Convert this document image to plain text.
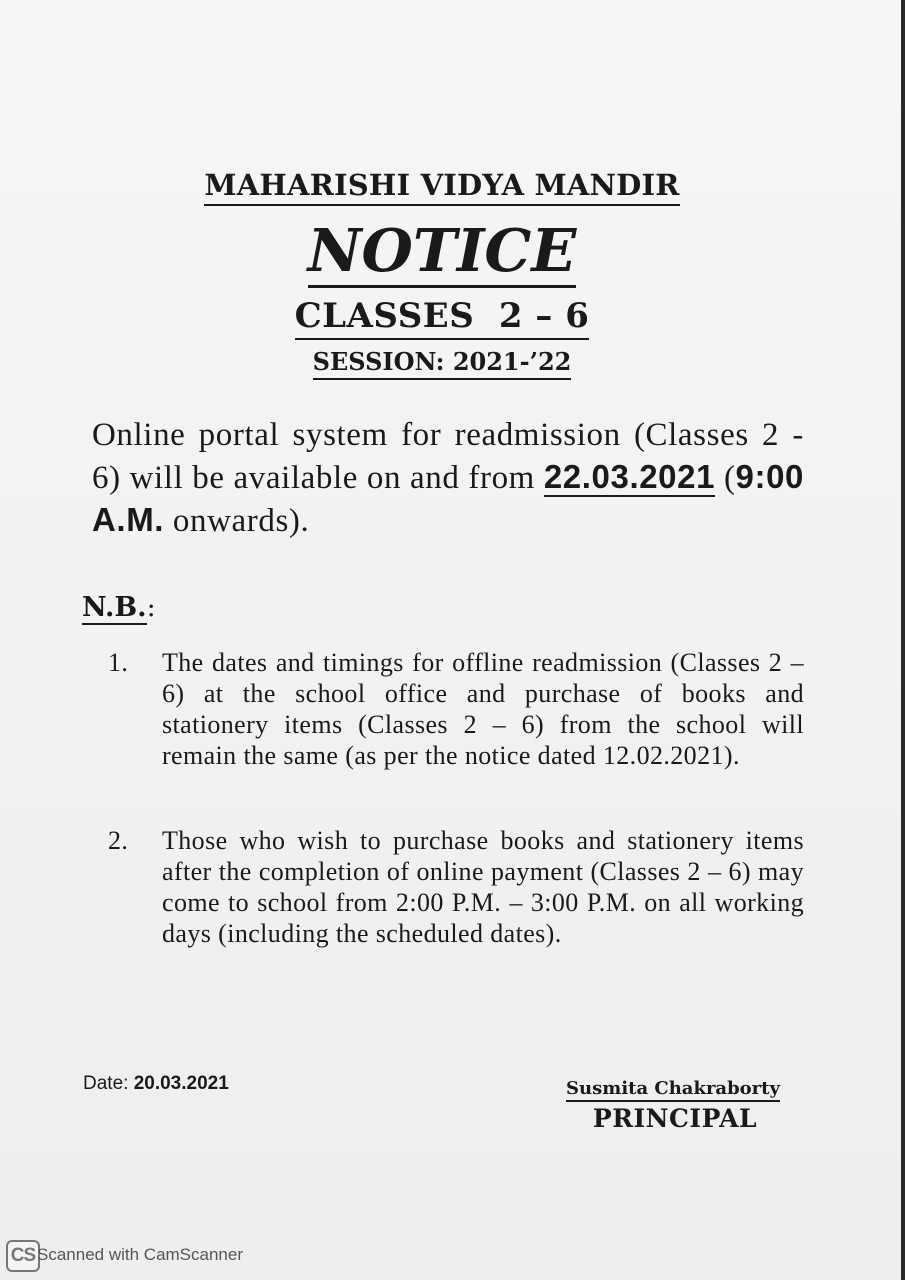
MAHARISHI VIDYA MANDIR
NOTICE
CLASSES  2 – 6
SESSION: 2021-’22
Online portal system for readmission (Classes 2 - 6) will be available on and from 22.03.2021 (9:00 A.M. onwards).
N.B.:
1.	The dates and timings for offline readmission (Classes 2 – 6) at the school office and purchase of books and stationery items (Classes 2 – 6) from the school will remain the same (as per the notice dated 12.02.2021).
2.	Those who wish to purchase books and stationery items after the completion of online payment (Classes 2 – 6) may come to school from 2:00 P.M. – 3:00 P.M. on all working days (including the scheduled dates).
Date: 20.03.2021	Susmita Chakraborty
PRINCIPAL
CS Scanned with CamScanner
